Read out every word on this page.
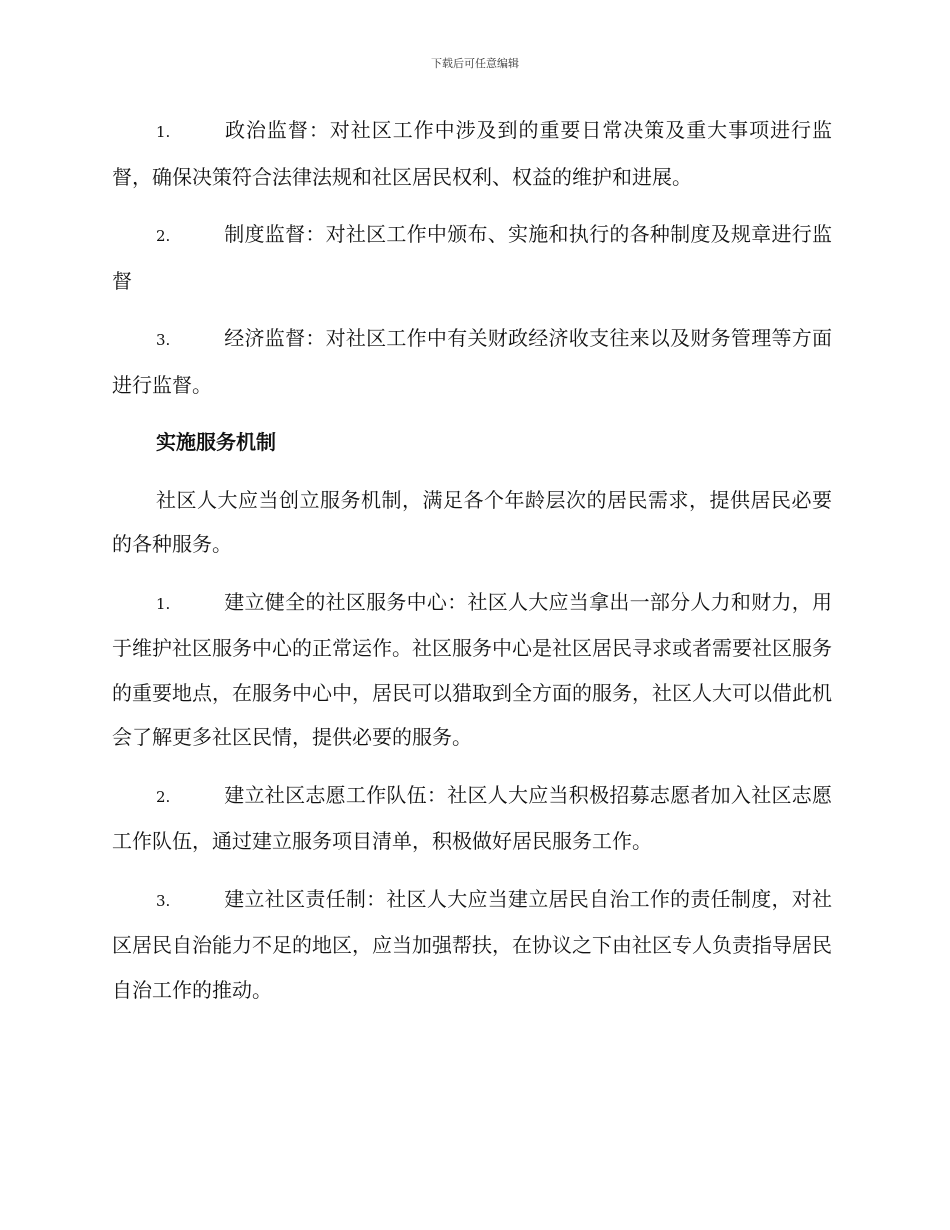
下载后可任意编辑

1.	政治监督：对社区工作中涉及到的重要日常决策及重大事项进行监督，确保决策符合法律法规和社区居民权利、权益的维护和进展。

2.	制度监督：对社区工作中颁布、实施和执行的各种制度及规章进行监督

3.	经济监督：对社区工作中有关财政经济收支往来以及财务管理等方面进行监督。

实施服务机制

社区人大应当创立服务机制，满足各个年龄层次的居民需求，提供居民必要的各种服务。

1.	建立健全的社区服务中心：社区人大应当拿出一部分人力和财力，用于维护社区服务中心的正常运作。社区服务中心是社区居民寻求或者需要社区服务的重要地点，在服务中心中，居民可以猎取到全方面的服务，社区人大可以借此机会了解更多社区民情，提供必要的服务。

2.	建立社区志愿工作队伍：社区人大应当积极招募志愿者加入社区志愿工作队伍，通过建立服务项目清单，积极做好居民服务工作。

3.	建立社区责任制：社区人大应当建立居民自治工作的责任制度，对社区居民自治能力不足的地区，应当加强帮扶，在协议之下由社区专人负责指导居民自治工作的推动。
